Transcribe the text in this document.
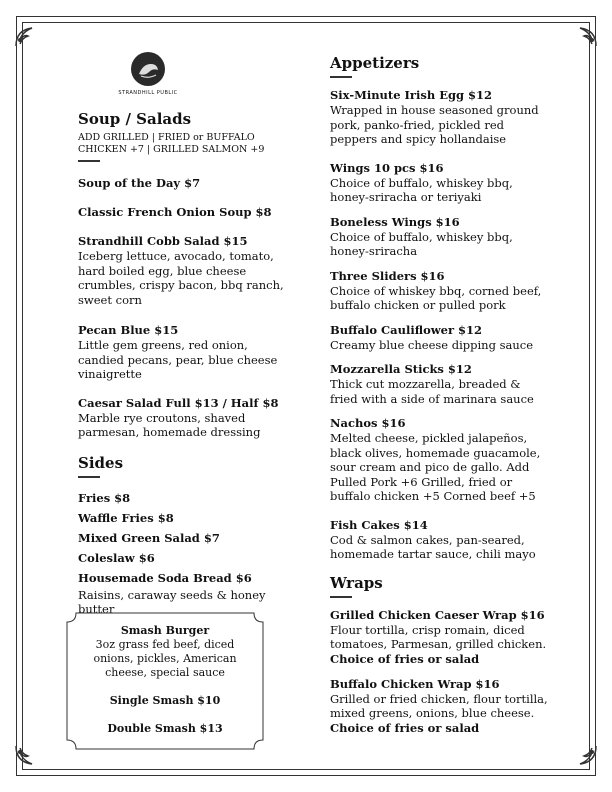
STRANDHILL PUBLIC
Soup / Salads
ADD GRILLED | FRIED or BUFFALO
CHICKEN +7 | GRILLED SALMON +9
Soup of the Day $7
Classic French Onion Soup $8
Strandhill Cobb Salad $15
Iceberg lettuce, avocado, tomato, hard boiled egg, blue cheese crumbles, crispy bacon, bbq ranch, sweet corn
Pecan Blue $15
Little gem greens, red onion, candied pecans, pear, blue cheese vinaigrette
Caesar Salad Full $13 / Half $8
Marble rye croutons, shaved parmesan, homemade dressing
Sides
Fries $8
Waffle Fries $8
Mixed Green Salad $7
Coleslaw $6
Housemade Soda Bread $6
Raisins, caraway seeds & honey butter
Smash Burger
3oz grass fed beef, diced onions, pickles, American cheese, special sauce
Single Smash $10
Double Smash $13
Appetizers
Six-Minute Irish Egg $12
Wrapped in house seasoned ground pork, panko-fried, pickled red peppers and spicy hollandaise
Wings 10 pcs $16
Choice of buffalo, whiskey bbq, honey-sriracha or teriyaki
Boneless Wings $16
Choice of buffalo, whiskey bbq, honey-sriracha
Three Sliders $16
Choice of whiskey bbq, corned beef, buffalo chicken or pulled pork
Buffalo Cauliflower $12
Creamy blue cheese dipping sauce
Mozzarella Sticks $12
Thick cut mozzarella, breaded & fried with a side of marinara sauce
Nachos $16
Melted cheese, pickled jalapeños, black olives, homemade guacamole, sour cream and pico de gallo. Add Pulled Pork +6 Grilled, fried or buffalo chicken +5 Corned beef +5
Fish Cakes $14
Cod & salmon cakes, pan-seared, homemade tartar sauce, chili mayo
Wraps
Grilled Chicken Caeser Wrap $16
Flour tortilla, crisp romain, diced tomatoes, Parmesan, grilled chicken.
Choice of fries or salad
Buffalo Chicken Wrap $16
Grilled or fried chicken, flour tortilla, mixed greens, onions, blue cheese.
Choice of fries or salad
